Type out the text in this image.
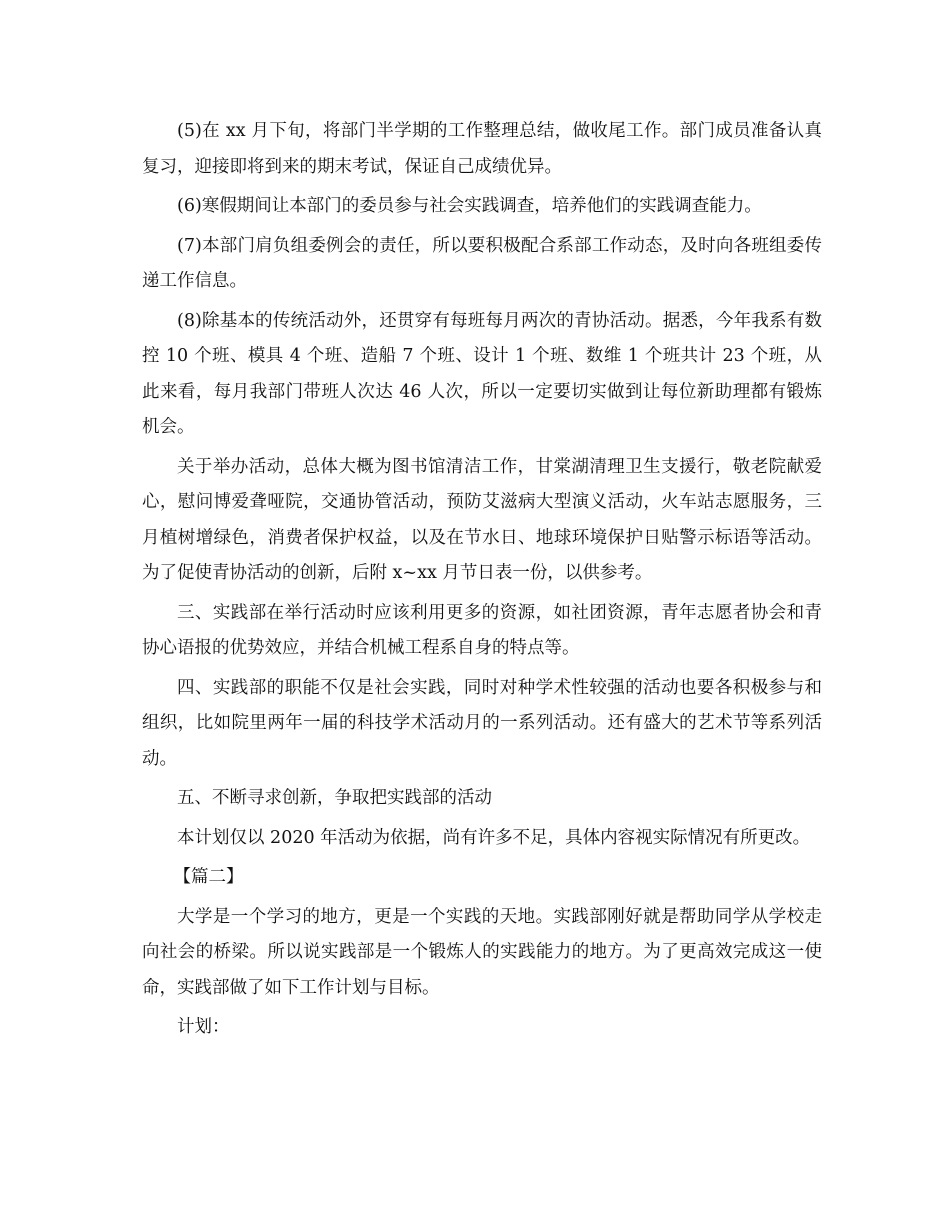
(5)在 xx 月下旬，将部门半学期的工作整理总结，做收尾工作。部门成员准备认真复习，迎接即将到来的期末考试，保证自己成绩优异。

(6)寒假期间让本部门的委员参与社会实践调查，培养他们的实践调查能力。

(7)本部门肩负组委例会的责任，所以要积极配合系部工作动态，及时向各班组委传递工作信息。

(8)除基本的传统活动外，还贯穿有每班每月两次的青协活动。据悉，今年我系有数控 10 个班、模具 4 个班、造船 7 个班、设计 1 个班、数维 1 个班共计 23 个班，从此来看，每月我部门带班人次达 46 人次，所以一定要切实做到让每位新助理都有锻炼机会。

关于举办活动，总体大概为图书馆清洁工作，甘棠湖清理卫生支援行，敬老院献爱心，慰问博爱聋哑院，交通协管活动，预防艾滋病大型演义活动，火车站志愿服务，三月植树增绿色，消费者保护权益，以及在节水日、地球环境保护日贴警示标语等活动。为了促使青协活动的创新，后附 x~xx 月节日表一份，以供参考。

三、实践部在举行活动时应该利用更多的资源，如社团资源，青年志愿者协会和青协心语报的优势效应，并结合机械工程系自身的特点等。

四、实践部的职能不仅是社会实践，同时对种学术性较强的活动也要各积极参与和组织，比如院里两年一届的科技学术活动月的一系列活动。还有盛大的艺术节等系列活动。

五、不断寻求创新，争取把实践部的活动

本计划仅以 2020 年活动为依据，尚有许多不足，具体内容视实际情况有所更改。

【篇二】

大学是一个学习的地方，更是一个实践的天地。实践部刚好就是帮助同学从学校走向社会的桥梁。所以说实践部是一个锻炼人的实践能力的地方。为了更高效完成这一使命，实践部做了如下工作计划与目标。

计划：
